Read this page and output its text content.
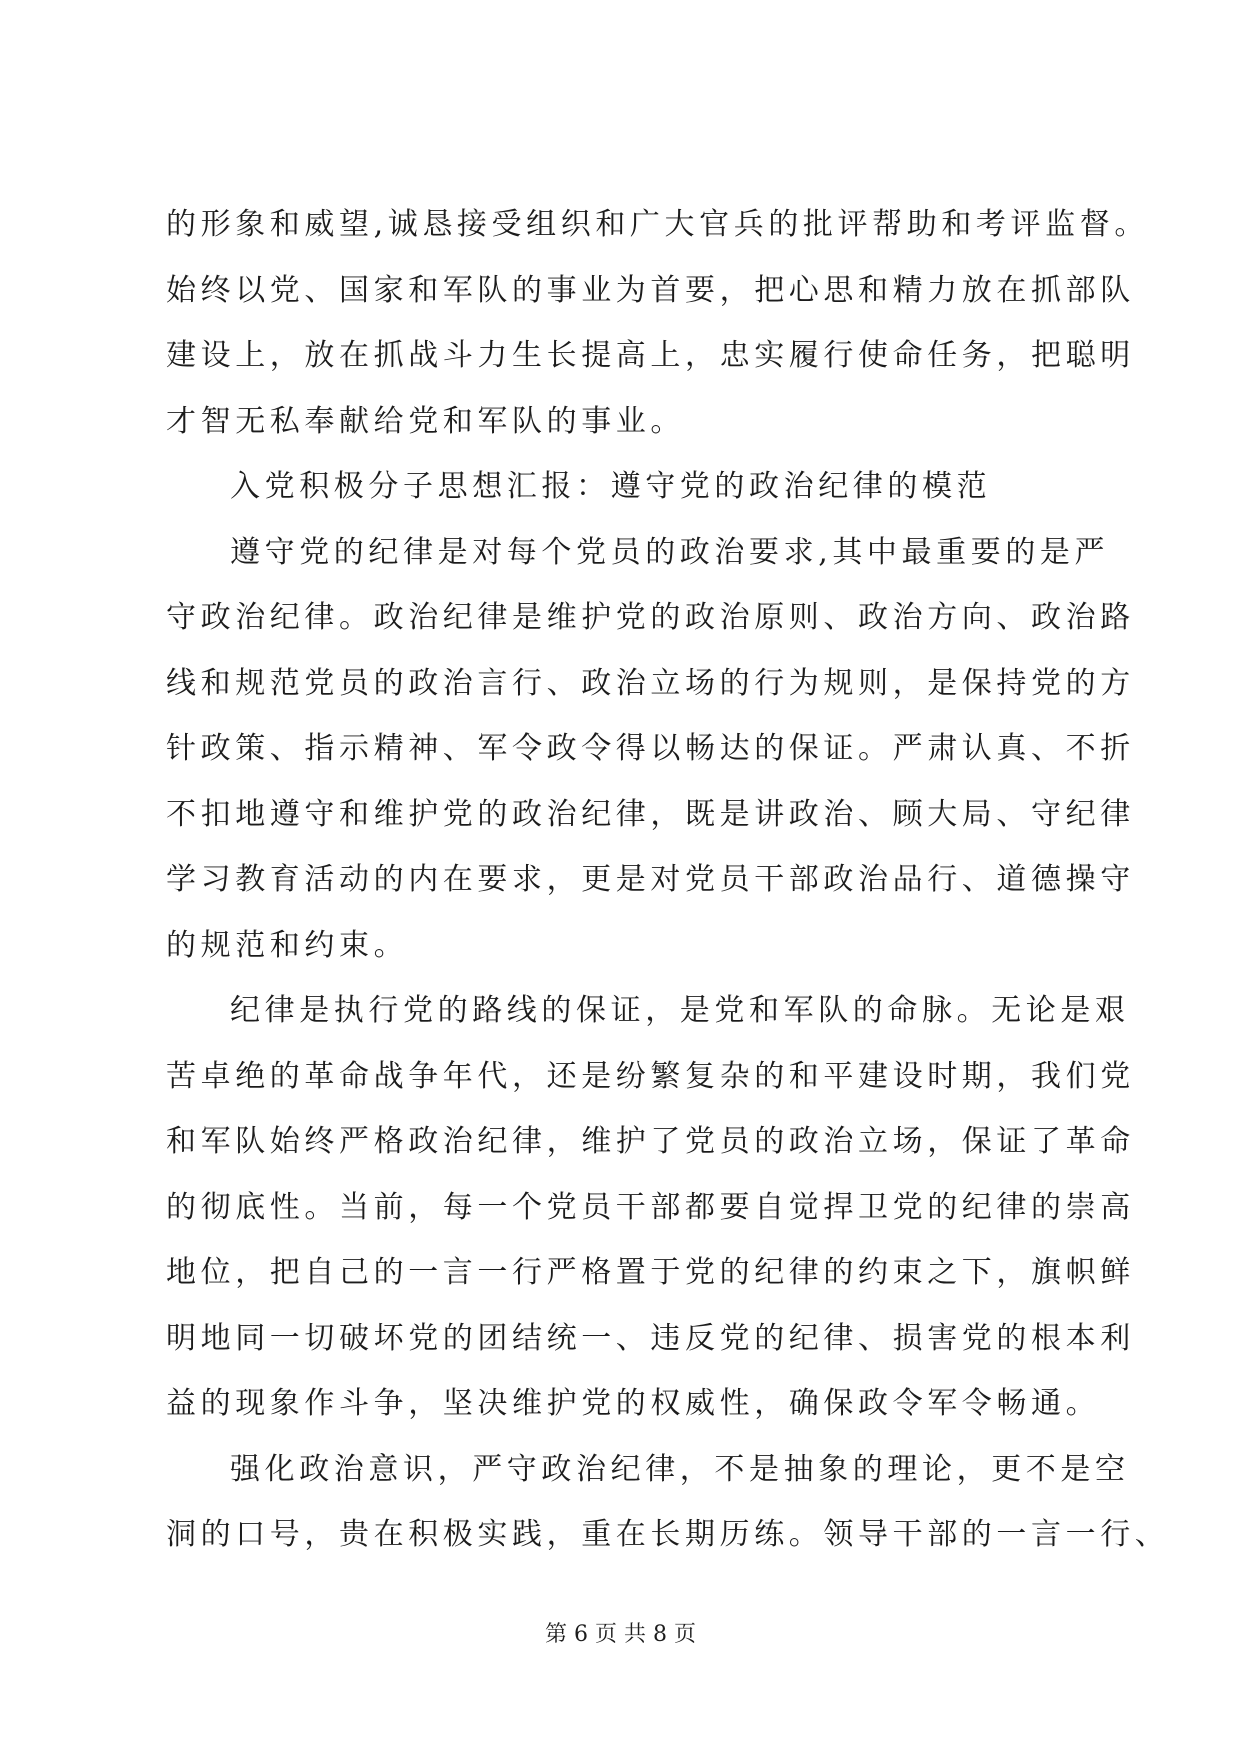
的形象和威望,诚恳接受组织和广大官兵的批评帮助和考评监督。
始终以党、国家和军队的事业为首要，把心思和精力放在抓部队
建设上，放在抓战斗力生长提高上，忠实履行使命任务，把聪明
才智无私奉献给党和军队的事业。
入党积极分子思想汇报：遵守党的政治纪律的模范
遵守党的纪律是对每个党员的政治要求,其中最重要的是严
守政治纪律。政治纪律是维护党的政治原则、政治方向、政治路
线和规范党员的政治言行、政治立场的行为规则，是保持党的方
针政策、指示精神、军令政令得以畅达的保证。严肃认真、不折
不扣地遵守和维护党的政治纪律，既是讲政治、顾大局、守纪律
学习教育活动的内在要求，更是对党员干部政治品行、道德操守
的规范和约束。
纪律是执行党的路线的保证，是党和军队的命脉。无论是艰
苦卓绝的革命战争年代，还是纷繁复杂的和平建设时期，我们党
和军队始终严格政治纪律，维护了党员的政治立场，保证了革命
的彻底性。当前，每一个党员干部都要自觉捍卫党的纪律的崇高
地位，把自己的一言一行严格置于党的纪律的约束之下，旗帜鲜
明地同一切破坏党的团结统一、违反党的纪律、损害党的根本利
益的现象作斗争，坚决维护党的权威性，确保政令军令畅通。
强化政治意识，严守政治纪律，不是抽象的理论，更不是空
洞的口号，贵在积极实践，重在长期历练。领导干部的一言一行、
第 6 页 共 8 页
